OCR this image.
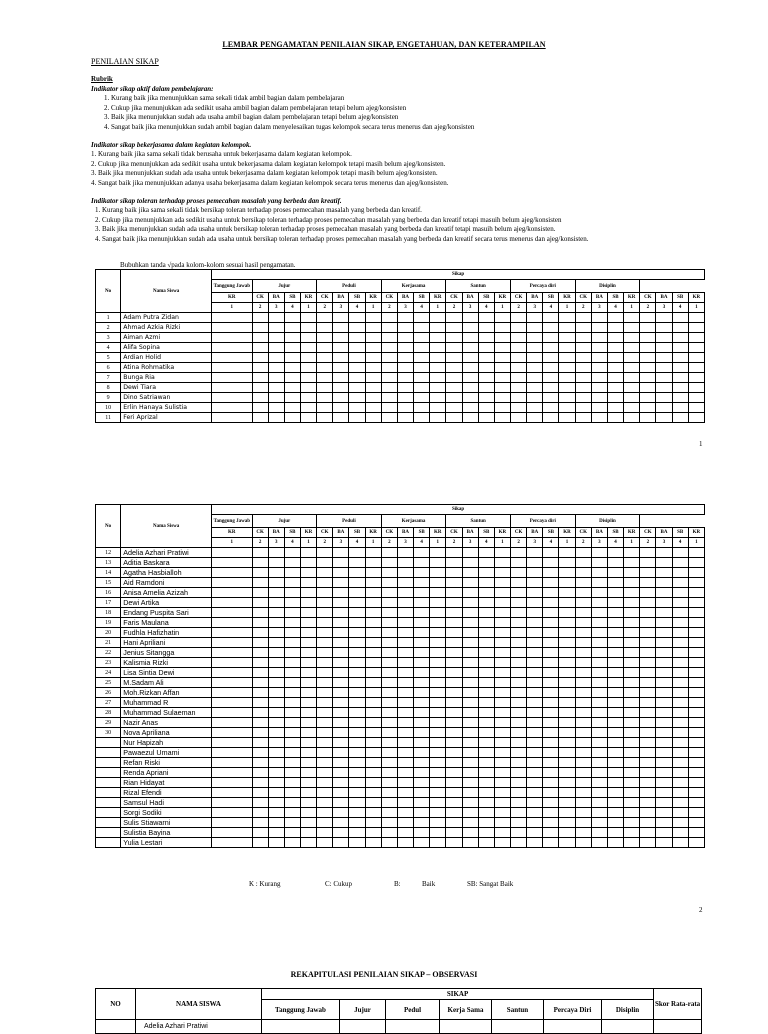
LEMBAR PENGAMATAN PENILAIAN SIKAP, ENGETAHUAN, DAN KETERAMPILAN
PENILAIAN SIKAP
Rubrik
Indikator sikap aktif dalam pembelajaran:
1. Kurang baik jika menunjukkan sama sekali tidak ambil bagian dalam pembelajaran
2. Cukup jika menunjukkan ada sedikit usaha ambil bagian dalam pembelajaran tetapi belum ajeg/konsisten
3. Baik jika menunjukkan sudah ada usaha ambil bagian dalam pembelajaran tetapi belum ajeg/konsisten
4. Sangat baik jika menunjukkan sudah ambil bagian dalam menyelesaikan tugas kelompok secara terus menerus dan ajeg/konsisten
Indikator sikap bekerjasama dalam kegiatan kelompok.
1. Kurang baik jika sama sekali tidak berusaha untuk bekerjasama dalam kegiatan kelompok.
2. Cukup jika menunjukkan ada sedikit usaha untuk bekerjasama dalam kegiatan kelompok tetapi masih belum ajeg/konsisten.
3. Baik jika menunjukkan sudah ada usaha untuk bekerjasama dalam kegiatan kelompok tetapi masih belum ajeg/konsisten.
4. Sangat baik jika menunjukkan adanya usaha bekerjasama dalam kegiatan kelompok secara terus menerus dan ajeg/konsisten.
Indikator sikap toleran terhadap proses pemecahan masalah yang berbeda dan kreatif.
1. Kurang baik jika sama sekali tidak bersikap toleran terhadap proses pemecahan masalah yang berbeda dan kreatif.
2. Cukup jika menunjukkan ada sedikit usaha untuk bersikap toleran terhadap proses pemecahan masalah yang berbeda dan kreatif tetapi masuih belum ajeg/konsisten
3. Baik jika menunjukkan sudah ada usaha untuk bersikap toleran terhadap proses pemecahan masalah yang berbeda dan kreatif tetapi masuih belum ajeg/konsisten.
4. Sangat baik jika menunjukkan sudah ada usaha untuk bersikap toleran terhadap proses pemecahan masalah yang berbeda dan kreatif secara terus menerus dan ajeg/konsisten.
Bubuhkan tanda √pada kolom-kolom sesuai hasil pengamatan.
No	Nama Siswa	Sikap																												
		Tanggung Jawab	Jujur				Peduli				Kerjasama				Santun				Percaya diri				Disiplin							
		KR	CK	BA	SB	KR	CK	BA	SB	KR	CK	BA	SB	KR	CK	BA	SB	KR	CK	BA	SB	KR	CK	BA	SB	KR	CK	BA	SB	KR
		1	2	3	4	1	2	3	4	1	2	3	4	1	2	3	4	1	2	3	4	1	2	3	4	1	2	3	4	1
1	Adam Putra Zidan																													
2	Ahmad Azkia Rizki																													
3	Aiman Azmi																													
4	Alifa Sopina																													
5	Ardian Holid																													
6	Atina Rohmatika																													
7	Bunga Ria																													
8	Dewi Tiara																													
9	Dino Satriawan																													
10	Erlin Hanaya Sulistia																													
11	Feri Aprizal																													
1
No	Nama Siswa	Sikap																												
		Tanggung Jawab	Jujur				Peduli				Kerjasama				Santun				Percaya diri				Disiplin							
		KR	CK	BA	SB	KR	CK	BA	SB	KR	CK	BA	SB	KR	CK	BA	SB	KR	CK	BA	SB	KR	CK	BA	SB	KR	CK	BA	SB	KR
		1	2	3	4	1	2	3	4	1	2	3	4	1	2	3	4	1	2	3	4	1	2	3	4	1	2	3	4	1
12	Adelia Azhari Pratiwi																													
13	Aditia Baskara																													
14	Agatha Hasbialloh																													
15	Aid Ramdoni																													
16	Anisa Amelia Azizah																													
17	Dewi Artika																													
18	Endang Puspita Sari																													
19	Faris Maulana																													
20	Fudhla Hafizhatin																													
21	Hani Apriliani																													
22	Jenius Sitangga																													
23	Kalismia Rizki																													
24	Lisa Sintia Dewi																													
25	M.Sadam Ali																													
26	Moh.Rizkan Affan																													
27	Muhammad R																													
28	Muhammad Sulaeman																													
29	Nazir Anas																													
30	Nova Apriliana																													
	Nur Hapizah																													
	Pawaezul Umami																													
	Refan Riski																													
	Renda Apriani																													
	Rian Hidayat																													
	Rizal Efendi																													
	Samsul Hadi																													
	Sorgi Sodiki																													
	Sulis Stiawarni																													
	Sulistia Bayina																													
	Yulia Lestari																													
K : Kurang	C: Cukup	B:	Baik	SB: Sangat Baik
2
REKAPITULASI PENILAIAN SIKAP – OBSERVASI
NO	NAMA SISWA	SIKAP							Skor Rata-rata
		Tanggung Jawab	Jujur	Pedul	Kerja Sama	Santun	Percaya Diri	Disiplin	
	Adelia Azhari Pratiwi								
